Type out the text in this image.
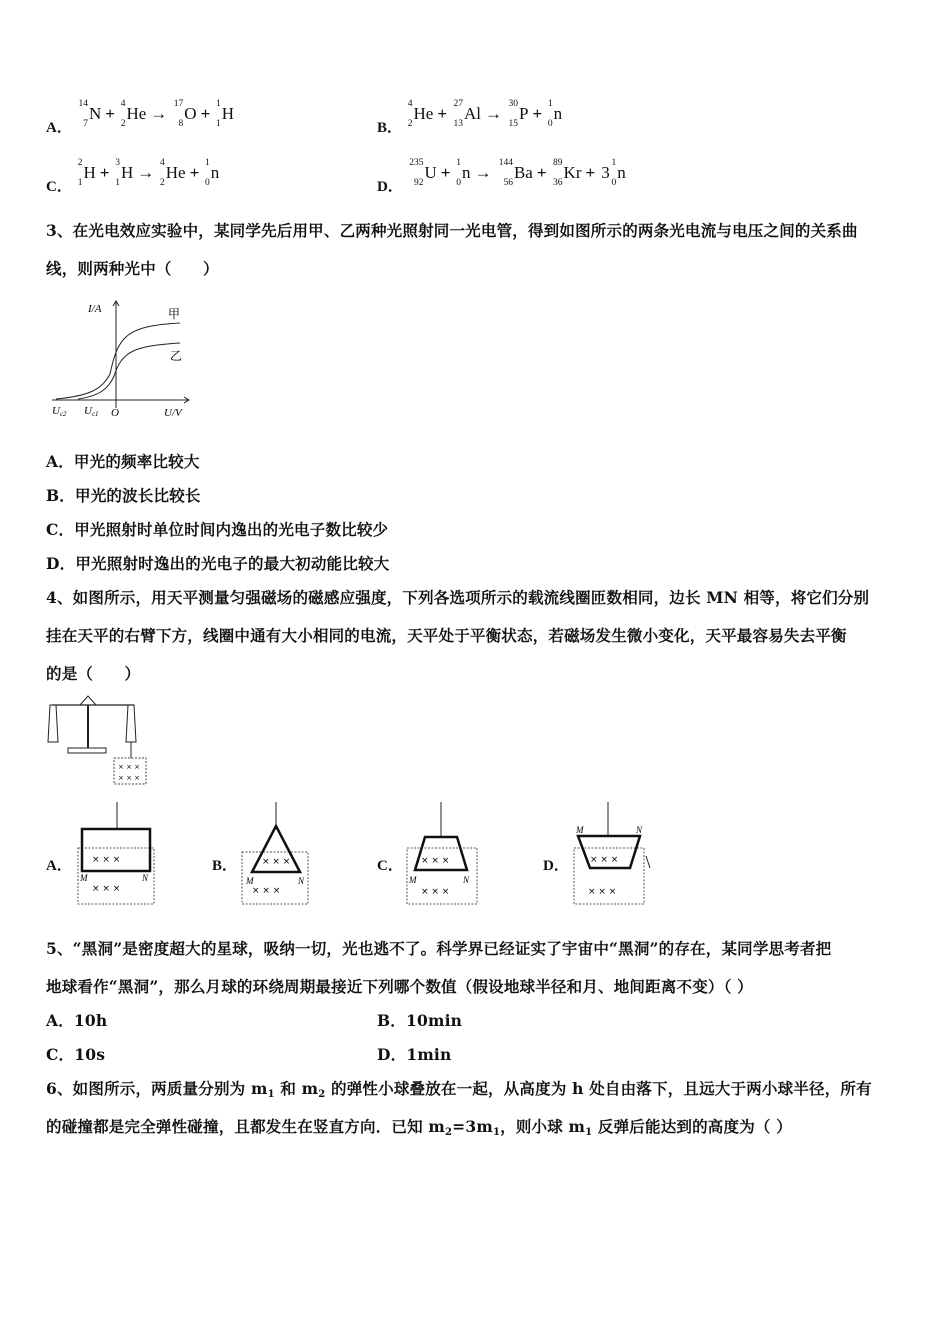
A．
14
7
N + 4
2
He → 17
8
O + 1
1
H
B．
4
2
He + 27
13
Al → 30
15
P + 1
0
n
C．
2
1
H + 3
1
H → 4
2
He + 1
0
n
D．
235
92
U + 1
0
n → 144
56
Ba + 89
36
Kr + 3 1
0
n
3、在光电效应实验中，某同学先后用甲、乙两种光照射同一光电管，得到如图所示的两条光电流与电压之间的关系曲
线，则两种光中（　　）
I/A
U/V
O
甲
乙
Uc2 Uc1
A．甲光的频率比较大
B．甲光的波长比较长
C．甲光照射时单位时间内逸出的光电子数比较少
D．甲光照射时逸出的光电子的最大初动能比较大
4、如图所示，用天平测量匀强磁场的磁感应强度，下列各选项所示的载流线圈匝数相同，边长 MN 相等，将它们分别
挂在天平的右臂下方，线圈中通有大小相同的电流，天平处于平衡状态，若磁场发生微小变化，天平最容易失去平衡
的是（　　）
× × ×
× × ×
A． × × ×
× × ×
M	N
B．	× × ×
× × ×
M	N
C． × × ×
× × ×
M	N
D． × × ×
× × ×
M	N
5、“黑洞”是密度超大的星球，吸纳一切，光也逃不了。科学界已经证实了宇宙中“黑洞”的存在，某同学思考者把
地球看作“黑洞”，那么月球的环绕周期最接近下列哪个数值（假设地球半径和月、地间距离不变）（ ）
A．10h	B．10min
C．10s	D．1min
6、如图所示，两质量分别为 $m_1$ 和 $m_2$ 的弹性小球叠放在一起，从高度为 h 处自由落下，且远大于两小球半径，所有
的碰撞都是完全弹性碰撞，且都发生在竖直方向．已知 $m_2=3m_1$，则小球 $m_1$ 反弹后能达到的高度为（ ）
